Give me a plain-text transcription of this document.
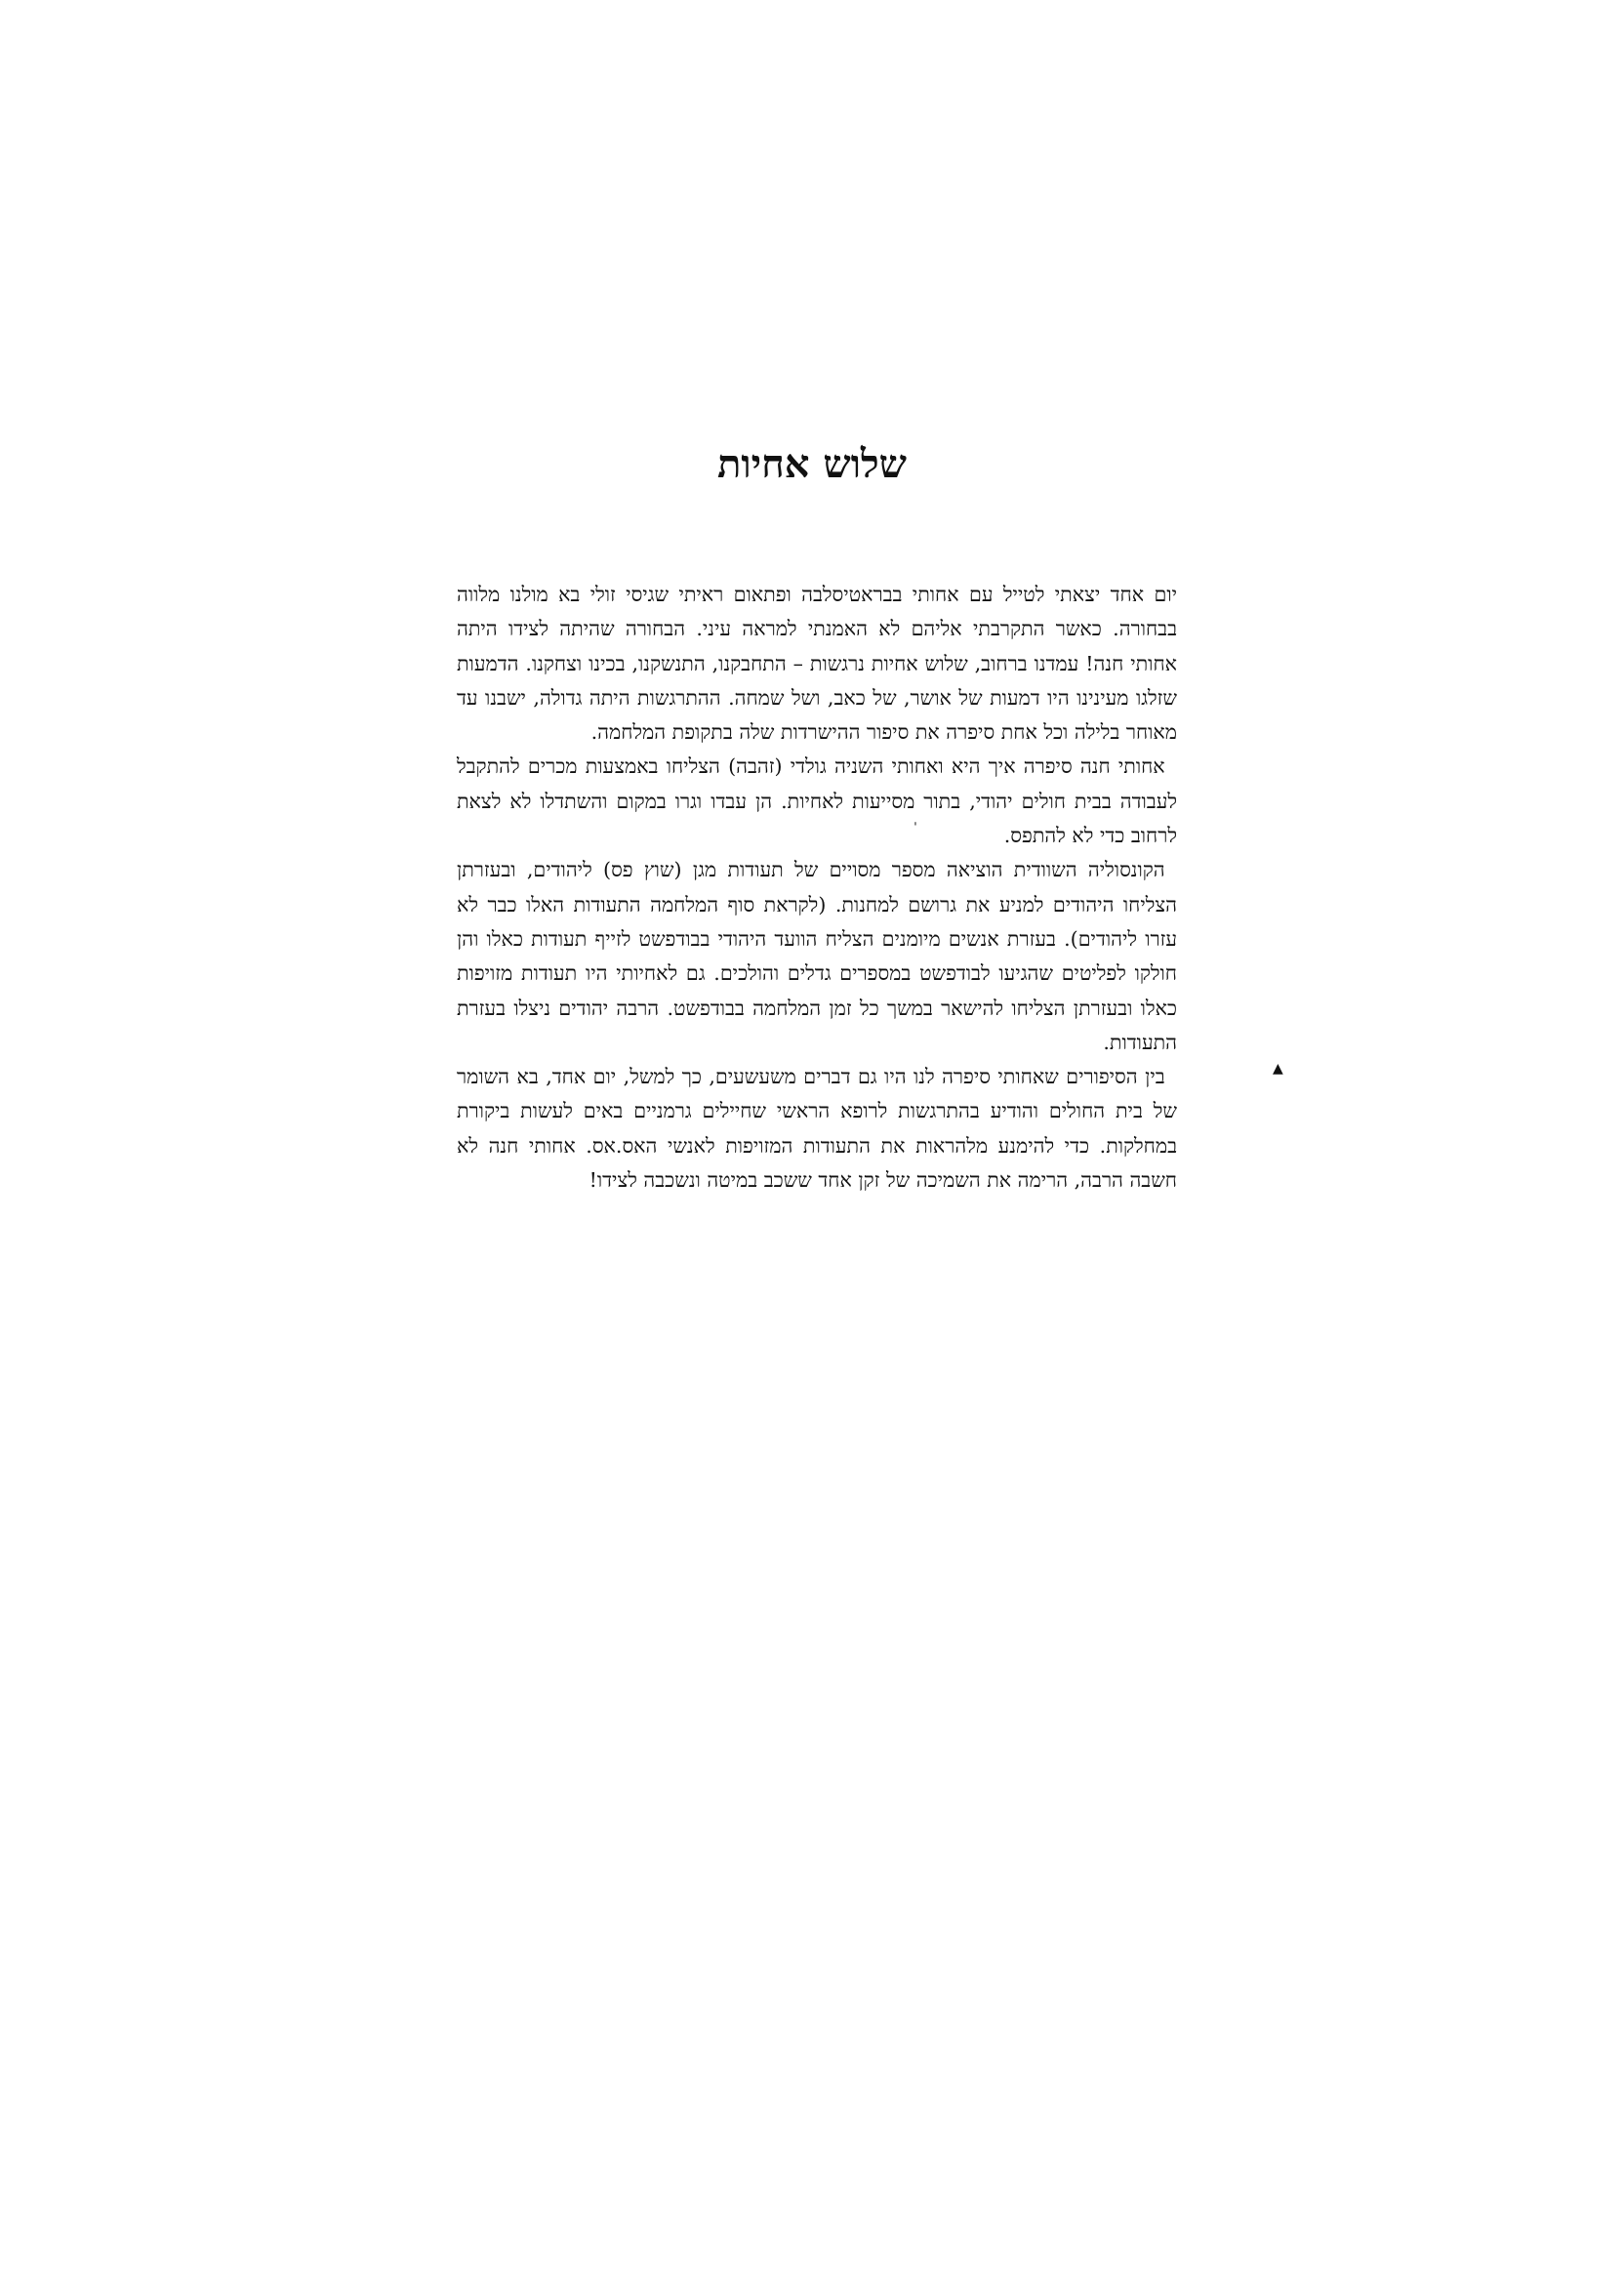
שלוש אחיות

יום אחד יצאתי לטייל עם אחותי בבראטיסלבה ופתאום ראיתי שגיסי זולי בא מולנו מלווה בבחורה. כאשר התקרבתי אליהם לא האמנתי למראה עיני. הבחורה שהיתה לצידו היתה אחותי חנה! עמדנו ברחוב, שלוש אחיות נרגשות – התחבקנו, התנשקנו, בכינו וצחקנו. הדמעות שזלגו מעינינו היו דמעות של אושר, של כאב, ושל שמחה. ההתרגשות היתה גדולה, ישבנו עד מאוחר בלילה וכל אחת סיפרה את סיפור ההישרדות שלה בתקופת המלחמה.

אחותי חנה סיפרה איך היא ואחותי השניה גולדי (זהבה) הצליחו באמצעות מכרים להתקבל לעבודה בבית חולים יהודי, בתור מסייעות לאחיות. הן עבדו וגרו במקום והשתדלו לא לצאת לרחוב כדי לא להתפס.

הקונסוליה השוודית הוציאה מספר מסויים של תעודות מגן (שוץ פס) ליהודים, ובעזרתן הצליחו היהודים למניע את גרושם למחנות. (לקראת סוף המלחמה התעודות האלו כבר לא עזרו ליהודים). בעזרת אנשים מיומנים הצליח הוועד היהודי בבודפשט לזייף תעודות כאלו והן חולקו לפליטים שהגיעו לבודפשט במספרים גדלים והולכים. גם לאחיותי היו תעודות מזויפות כאלו ובעזרתן הצליחו להישאר במשך כל זמן המלחמה בבודפשט. הרבה יהודים ניצלו בעזרת התעודות.

בין הסיפורים שאחותי סיפרה לנו היו גם דברים משעשעים, כך למשל, יום אחד, בא השומר של בית החולים והודיע בהתרגשות לרופא הראשי שחיילים גרמניים באים לעשות ביקורת במחלקות. כדי להימנע מלהראות את התעודות המזויפות לאנשי האס.אס. אחותי חנה לא חשבה הרבה, הרימה את השמיכה של זקן אחד ששכב במיטה ונשכבה לצידו!

▲
ˈ
